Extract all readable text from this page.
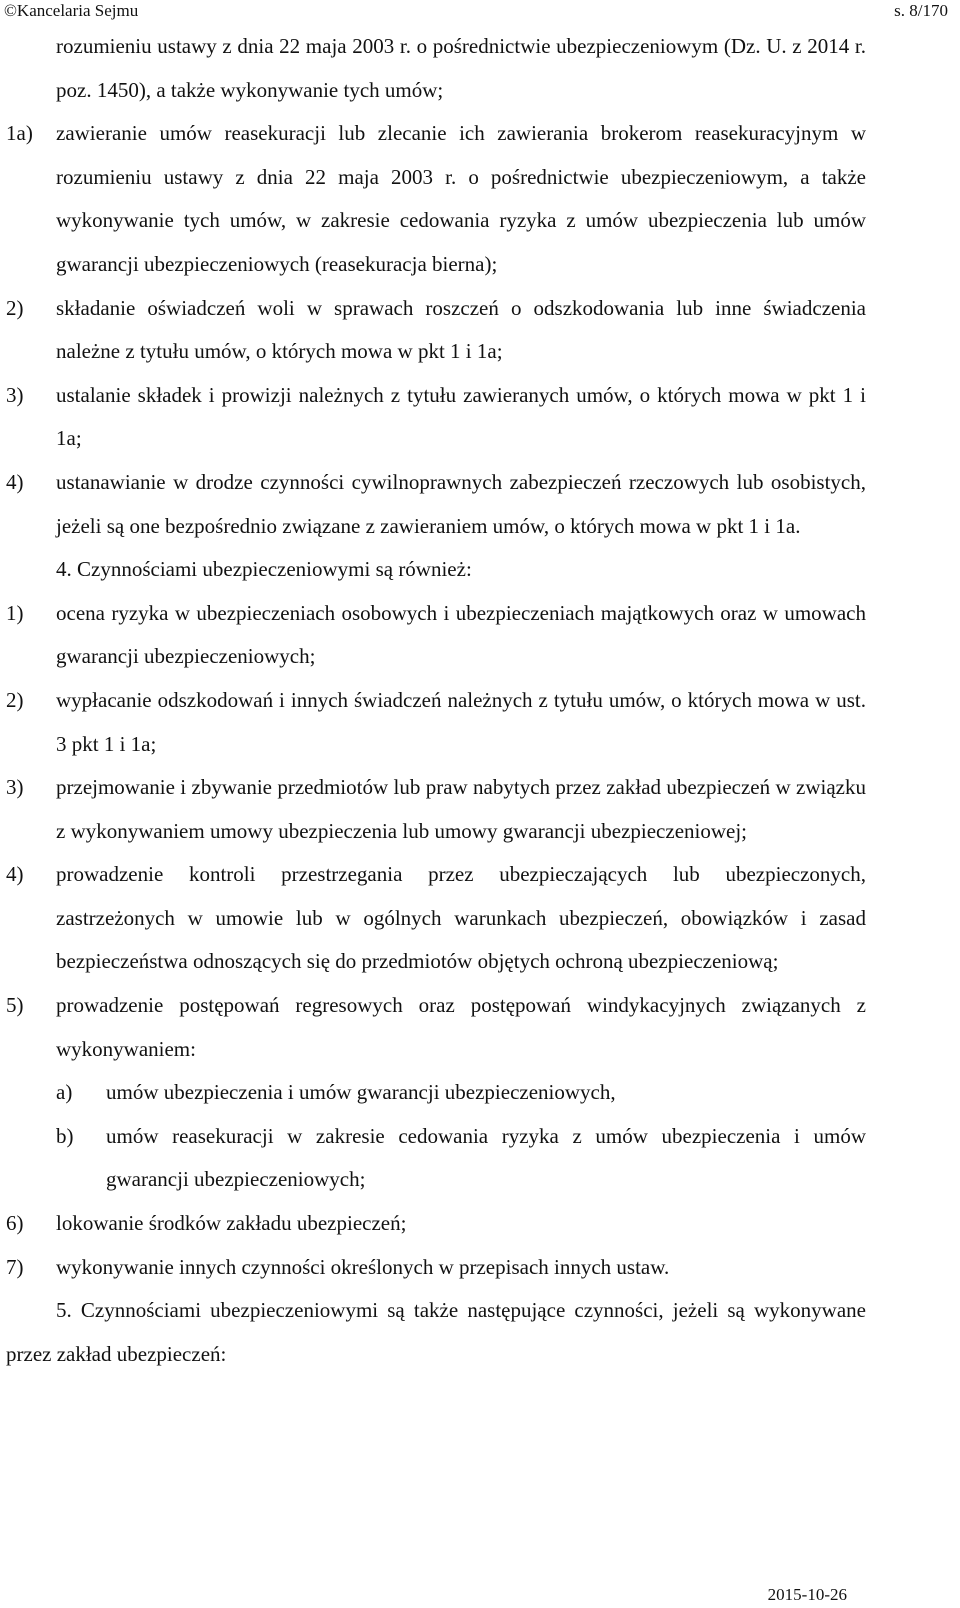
©Kancelaria Sejmu	s. 8/170
rozumieniu ustawy z dnia 22 maja 2003 r. o pośrednictwie ubezpieczeniowym (Dz. U. z 2014 r. poz. 1450), a także wykonywanie tych umów;
1a)	zawieranie umów reasekuracji lub zlecanie ich zawierania brokerom reasekuracyjnym w rozumieniu ustawy z dnia 22 maja 2003 r. o pośrednictwie ubezpieczeniowym, a także wykonywanie tych umów, w zakresie cedowania ryzyka z umów ubezpieczenia lub umów gwarancji ubezpieczeniowych (reasekuracja bierna);
2)	składanie oświadczeń woli w sprawach roszczeń o odszkodowania lub inne świadczenia należne z tytułu umów, o których mowa w pkt 1 i 1a;
3)	ustalanie składek i prowizji należnych z tytułu zawieranych umów, o których mowa w pkt 1 i 1a;
4)	ustanawianie w drodze czynności cywilnoprawnych zabezpieczeń rzeczowych lub osobistych, jeżeli są one bezpośrednio związane z zawieraniem umów, o których mowa w pkt 1 i 1a.
4. Czynnościami ubezpieczeniowymi są również:
1)	ocena ryzyka w ubezpieczeniach osobowych i ubezpieczeniach majątkowych oraz w umowach gwarancji ubezpieczeniowych;
2)	wypłacanie odszkodowań i innych świadczeń należnych z tytułu umów, o których mowa w ust. 3 pkt 1 i 1a;
3)	przejmowanie i zbywanie przedmiotów lub praw nabytych przez zakład ubezpieczeń w związku z wykonywaniem umowy ubezpieczenia lub umowy gwarancji ubezpieczeniowej;
4)	prowadzenie kontroli przestrzegania przez ubezpieczających lub ubezpieczonych, zastrzeżonych w umowie lub w ogólnych warunkach ubezpieczeń, obowiązków i zasad bezpieczeństwa odnoszących się do przedmiotów objętych ochroną ubezpieczeniową;
5)	prowadzenie postępowań regresowych oraz postępowań windykacyjnych związanych z wykonywaniem:
a)	umów ubezpieczenia i umów gwarancji ubezpieczeniowych,
b)	umów reasekuracji w zakresie cedowania ryzyka z umów ubezpieczenia i umów gwarancji ubezpieczeniowych;
6)	lokowanie środków zakładu ubezpieczeń;
7)	wykonywanie innych czynności określonych w przepisach innych ustaw.
5. Czynnościami ubezpieczeniowymi są także następujące czynności, jeżeli są wykonywane przez zakład ubezpieczeń:
2015-10-26
